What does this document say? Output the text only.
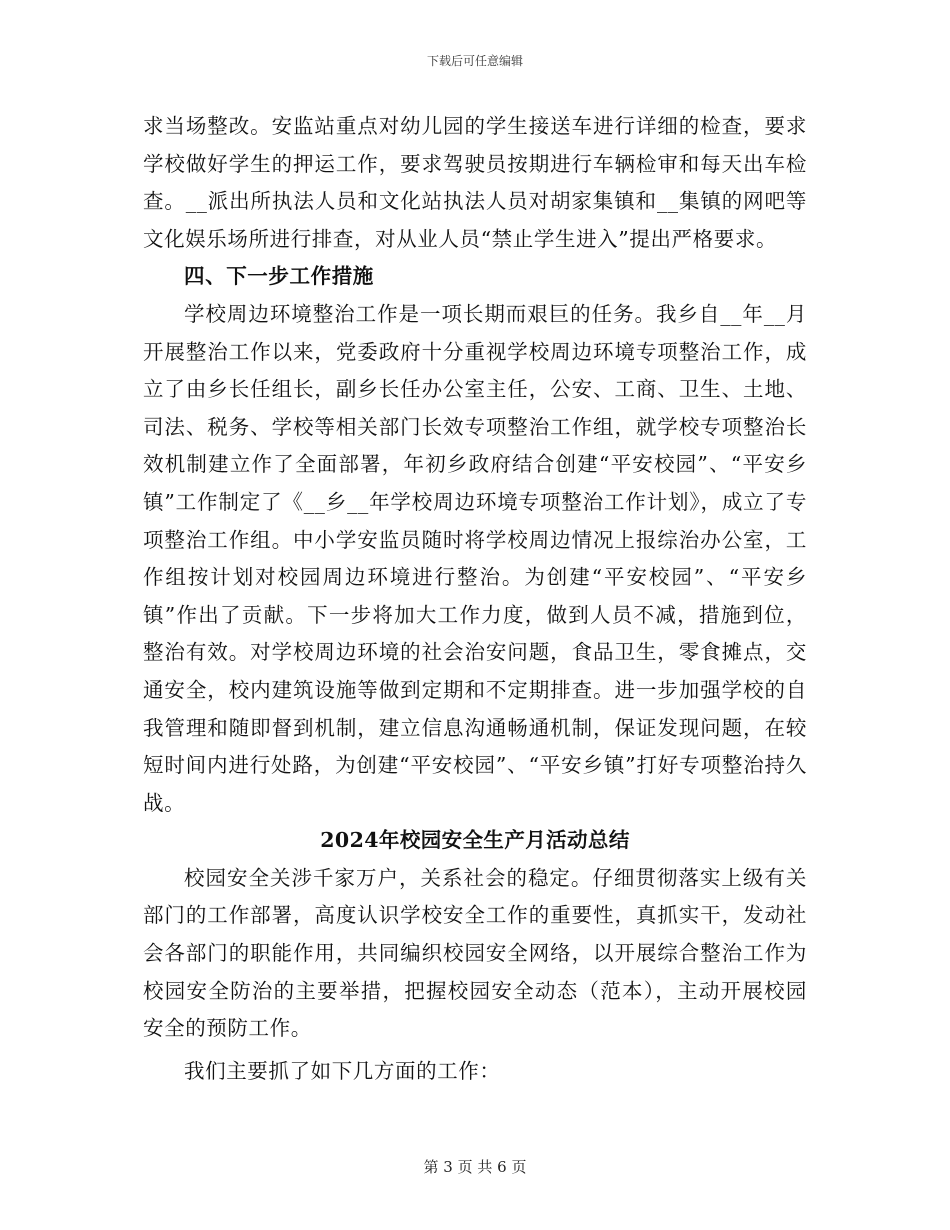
下载后可任意编辑

求当场整改。安监站重点对幼儿园的学生接送车进行详细的检查，要求学校做好学生的押运工作，要求驾驶员按期进行车辆检审和每天出车检查。__派出所执法人员和文化站执法人员对胡家集镇和__集镇的网吧等文化娱乐场所进行排查，对从业人员“禁止学生进入”提出严格要求。

四、下一步工作措施

学校周边环境整治工作是一项长期而艰巨的任务。我乡自__年__月开展整治工作以来，党委政府十分重视学校周边环境专项整治工作，成立了由乡长任组长，副乡长任办公室主任，公安、工商、卫生、土地、司法、税务、学校等相关部门长效专项整治工作组，就学校专项整治长效机制建立作了全面部署，年初乡政府结合创建“平安校园”、“平安乡镇”工作制定了《__乡__年学校周边环境专项整治工作计划》，成立了专项整治工作组。中小学安监员随时将学校周边情况上报综治办公室，工作组按计划对校园周边环境进行整治。为创建“平安校园”、“平安乡镇”作出了贡献。下一步将加大工作力度，做到人员不减，措施到位，整治有效。对学校周边环境的社会治安问题，食品卫生，零食摊点，交通安全，校内建筑设施等做到定期和不定期排查。进一步加强学校的自我管理和随即督到机制，建立信息沟通畅通机制，保证发现问题，在较短时间内进行处路，为创建“平安校园”、“平安乡镇”打好专项整治持久战。

2024年校园安全生产月活动总结

校园安全关涉千家万户，关系社会的稳定。仔细贯彻落实上级有关部门的工作部署，高度认识学校安全工作的重要性，真抓实干，发动社会各部门的职能作用，共同编织校园安全网络，以开展综合整治工作为校园安全防治的主要举措，把握校园安全动态（范本），主动开展校园安全的预防工作。

我们主要抓了如下几方面的工作：

第 3 页 共 6 页
